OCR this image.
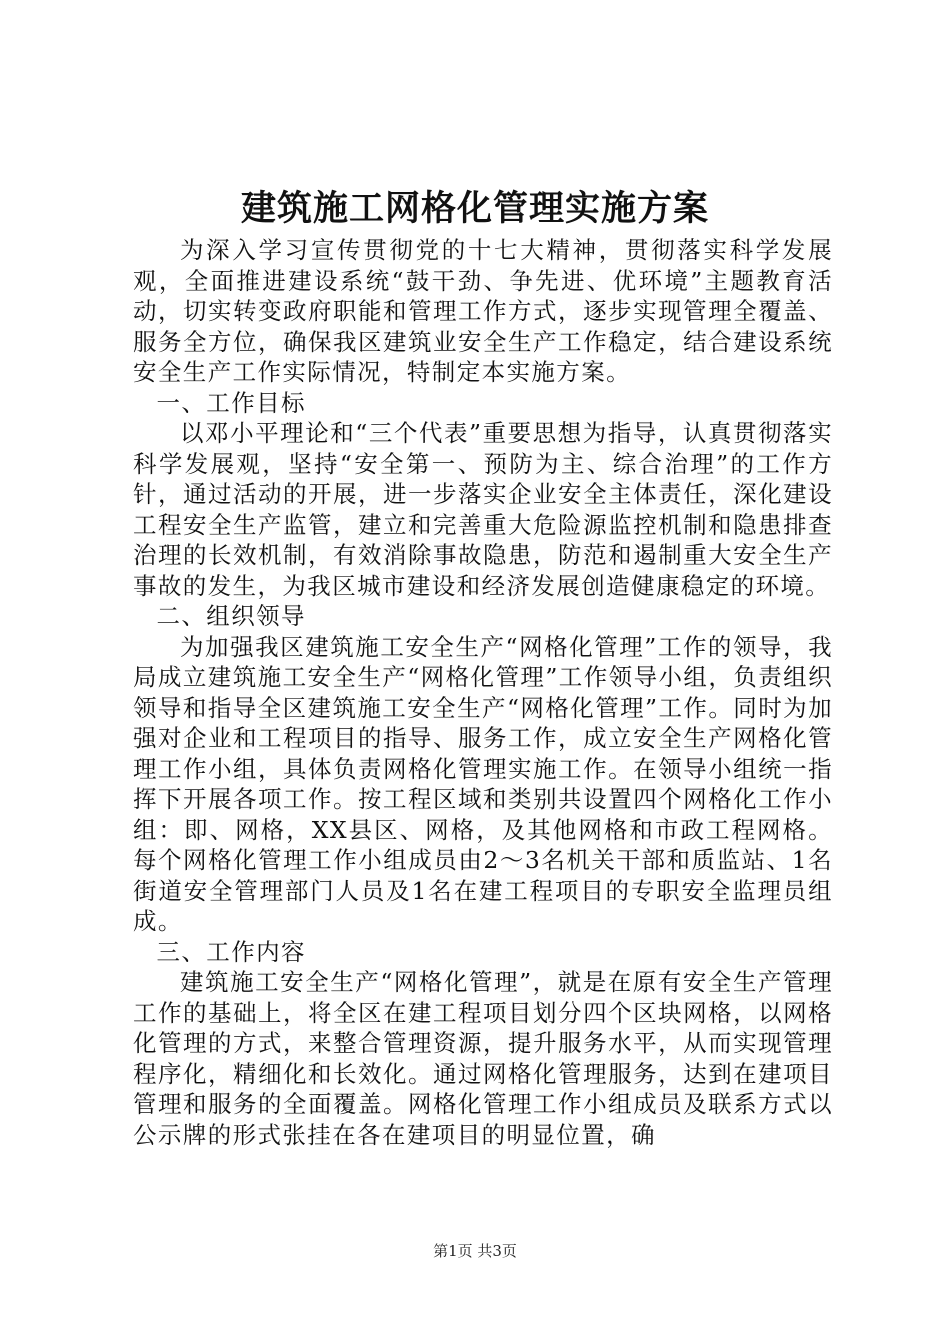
建筑施工网格化管理实施方案

为深入学习宣传贯彻党的十七大精神，贯彻落实科学发展观，全面推进建设系统“鼓干劲、争先进、优环境”主题教育活动，切实转变政府职能和管理工作方式，逐步实现管理全覆盖、服务全方位，确保我区建筑业安全生产工作稳定，结合建设系统安全生产工作实际情况，特制定本实施方案。

一、工作目标

以邓小平理论和“三个代表”重要思想为指导，认真贯彻落实科学发展观，坚持“安全第一、预防为主、综合治理”的工作方针，通过活动的开展，进一步落实企业安全主体责任，深化建设工程安全生产监管，建立和完善重大危险源监控机制和隐患排查治理的长效机制，有效消除事故隐患，防范和遏制重大安全生产事故的发生，为我区城市建设和经济发展创造健康稳定的环境。

二、组织领导

为加强我区建筑施工安全生产“网格化管理”工作的领导，我局成立建筑施工安全生产“网格化管理”工作领导小组，负责组织领导和指导全区建筑施工安全生产“网格化管理”工作。同时为加强对企业和工程项目的指导、服务工作，成立安全生产网格化管理工作小组，具体负责网格化管理实施工作。在领导小组统一指挥下开展各项工作。按工程区域和类别共设置四个网格化工作小组：即、网格，XX县区、网格，及其他网格和市政工程网格。每个网格化管理工作小组成员由2～3名机关干部和质监站、1名街道安全管理部门人员及1名在建工程项目的专职安全监理员组成。

三、工作内容

建筑施工安全生产“网格化管理”，就是在原有安全生产管理工作的基础上，将全区在建工程项目划分四个区块网格，以网格化管理的方式，来整合管理资源，提升服务水平，从而实现管理程序化，精细化和长效化。通过网格化管理服务，达到在建项目管理和服务的全面覆盖。网格化管理工作小组成员及联系方式以公示牌的形式张挂在各在建项目的明显位置，确

第1页 共3页
